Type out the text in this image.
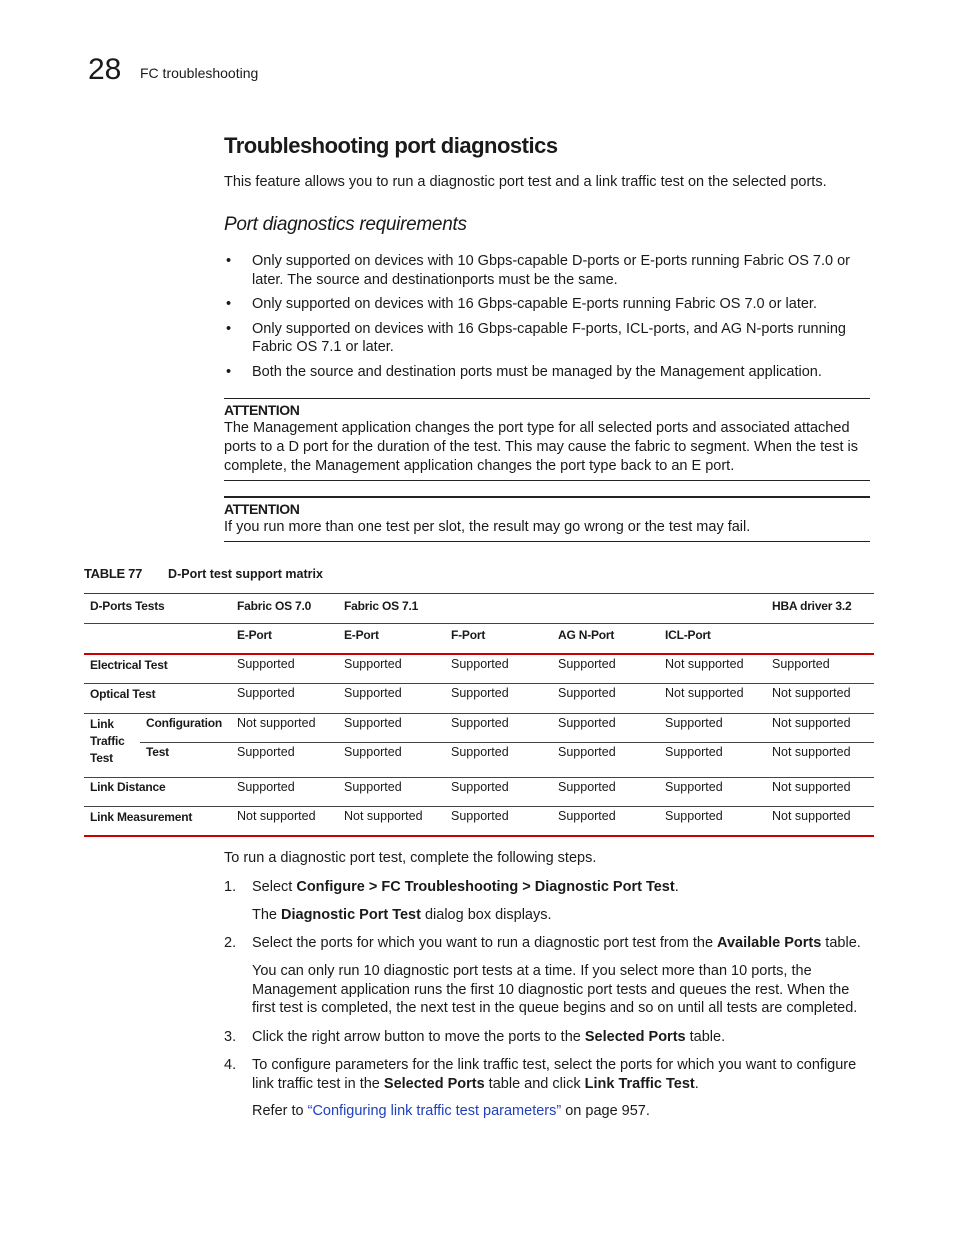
28 FC troubleshooting
Troubleshooting port diagnostics
This feature allows you to run a diagnostic port test and a link traffic test on the selected ports.
Port diagnostics requirements
• Only supported on devices with 10 Gbps-capable D-ports or E-ports running Fabric OS 7.0 or later. The source and destinationports must be the same.
• Only supported on devices with 16 Gbps-capable E-ports running Fabric OS 7.0 or later.
• Only supported on devices with 16 Gbps-capable F-ports, ICL-ports, and AG N-ports running Fabric OS 7.1 or later.
• Both the source and destination ports must be managed by the Management application.
ATTENTION
The Management application changes the port type for all selected ports and associated attached ports to a D port for the duration of the test. This may cause the fabric to segment. When the test is complete, the Management application changes the port type back to an E port.
ATTENTION
If you run more than one test per slot, the result may go wrong or the test may fail.
TABLE 77 D-Port test support matrix
D-Ports Tests		Fabric OS 7.0	Fabric OS 7.1				HBA driver 3.2
		E-Port	E-Port	F-Port	AG N-Port	ICL-Port	
Electrical Test		Supported	Supported	Supported	Supported	Not supported	Supported
Optical Test		Supported	Supported	Supported	Supported	Not supported	Not supported

Link
Traffic
Test	Configuration	Not supported	Supported	Supported	Supported	Supported	Not supported
	Test	Supported	Supported	Supported	Supported	Supported	Not supported
Link Distance		Supported	Supported	Supported	Supported	Supported	Not supported
Link Measurement		Not supported	Not supported	Supported	Supported	Supported	Not supported
To run a diagnostic port test, complete the following steps.
1. Select Configure > FC Troubleshooting > Diagnostic Port Test.
The Diagnostic Port Test dialog box displays.
2. Select the ports for which you want to run a diagnostic port test from the Available Ports table.
You can only run 10 diagnostic port tests at a time. If you select more than 10 ports, the Management application runs the first 10 diagnostic port tests and queues the rest. When the first test is completed, the next test in the queue begins and so on until all tests are completed.
3. Click the right arrow button to move the ports to the Selected Ports table.
4. To configure parameters for the link traffic test, select the ports for which you want to configure link traffic test in the Selected Ports table and click Link Traffic Test.
Refer to “Configuring link traffic test parameters” on page 957.
